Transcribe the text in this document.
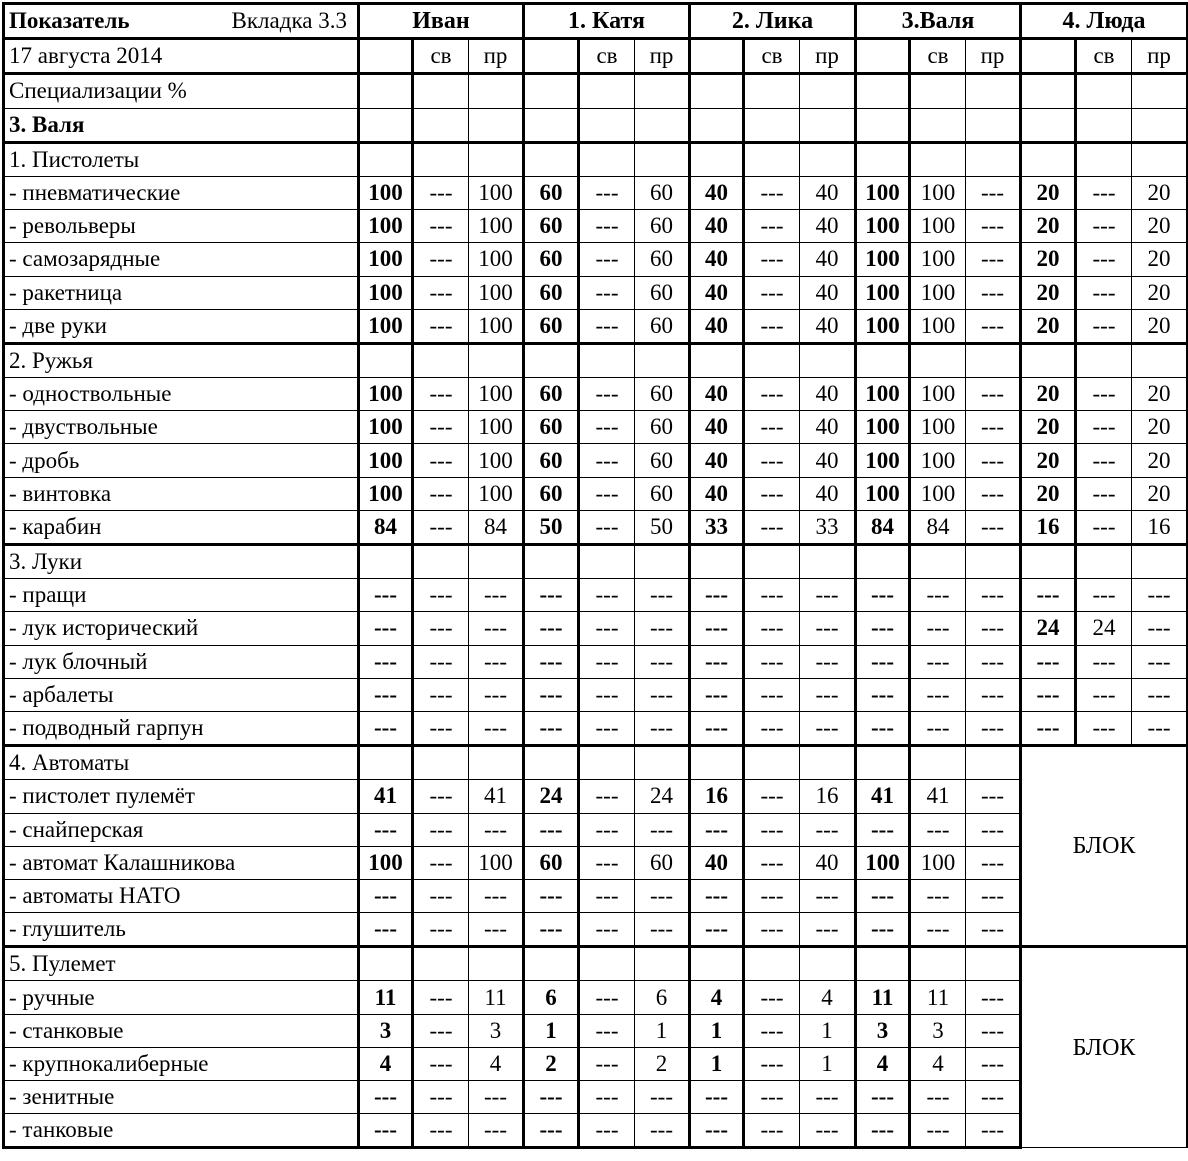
Показатель Вкладка 3.3	Иван			1. Катя			2. Лика			3.Валя			4. Люда		
17 августа 2014		св	пр		св	пр		св	пр		св	пр		св	пр
Специализации %															
3. Валя															
1. Пистолеты															
- пневматические	100	---	100	60	---	60	40	---	40	100	100	---	20	---	20
- револьверы	100	---	100	60	---	60	40	---	40	100	100	---	20	---	20
- самозарядные	100	---	100	60	---	60	40	---	40	100	100	---	20	---	20
- ракетница	100	---	100	60	---	60	40	---	40	100	100	---	20	---	20
- две руки	100	---	100	60	---	60	40	---	40	100	100	---	20	---	20
2. Ружья															
- одноствольные	100	---	100	60	---	60	40	---	40	100	100	---	20	---	20
- двуствольные	100	---	100	60	---	60	40	---	40	100	100	---	20	---	20
- дробь	100	---	100	60	---	60	40	---	40	100	100	---	20	---	20
- винтовка	100	---	100	60	---	60	40	---	40	100	100	---	20	---	20
- карабин	84	---	84	50	---	50	33	---	33	84	84	---	16	---	16
3. Луки															
- пращи	---	---	---	---	---	---	---	---	---	---	---	---	---	---	---
- лук исторический	---	---	---	---	---	---	---	---	---	---	---	---	24	24	---
- лук блочный	---	---	---	---	---	---	---	---	---	---	---	---	---	---	---
- арбалеты	---	---	---	---	---	---	---	---	---	---	---	---	---	---	---
- подводный гарпун	---	---	---	---	---	---	---	---	---	---	---	---	---	---	---
4. Автоматы													БЛОК		
- пистолет пулемёт	41	---	41	24	---	24	16	---	16	41	41	---			
- снайперская	---	---	---	---	---	---	---	---	---	---	---	---			
- автомат Калашникова	100	---	100	60	---	60	40	---	40	100	100	---			
- автоматы НАТО	---	---	---	---	---	---	---	---	---	---	---	---			
- глушитель	---	---	---	---	---	---	---	---	---	---	---	---			
5. Пулемет													БЛОК		
- ручные	11	---	11	6	---	6	4	---	4	11	11	---			
- станковые	3	---	3	1	---	1	1	---	1	3	3	---			
- крупнокалиберные	4	---	4	2	---	2	1	---	1	4	4	---			
- зенитные	---	---	---	---	---	---	---	---	---	---	---	---			
- танковые	---	---	---	---	---	---	---	---	---	---	---	---			
